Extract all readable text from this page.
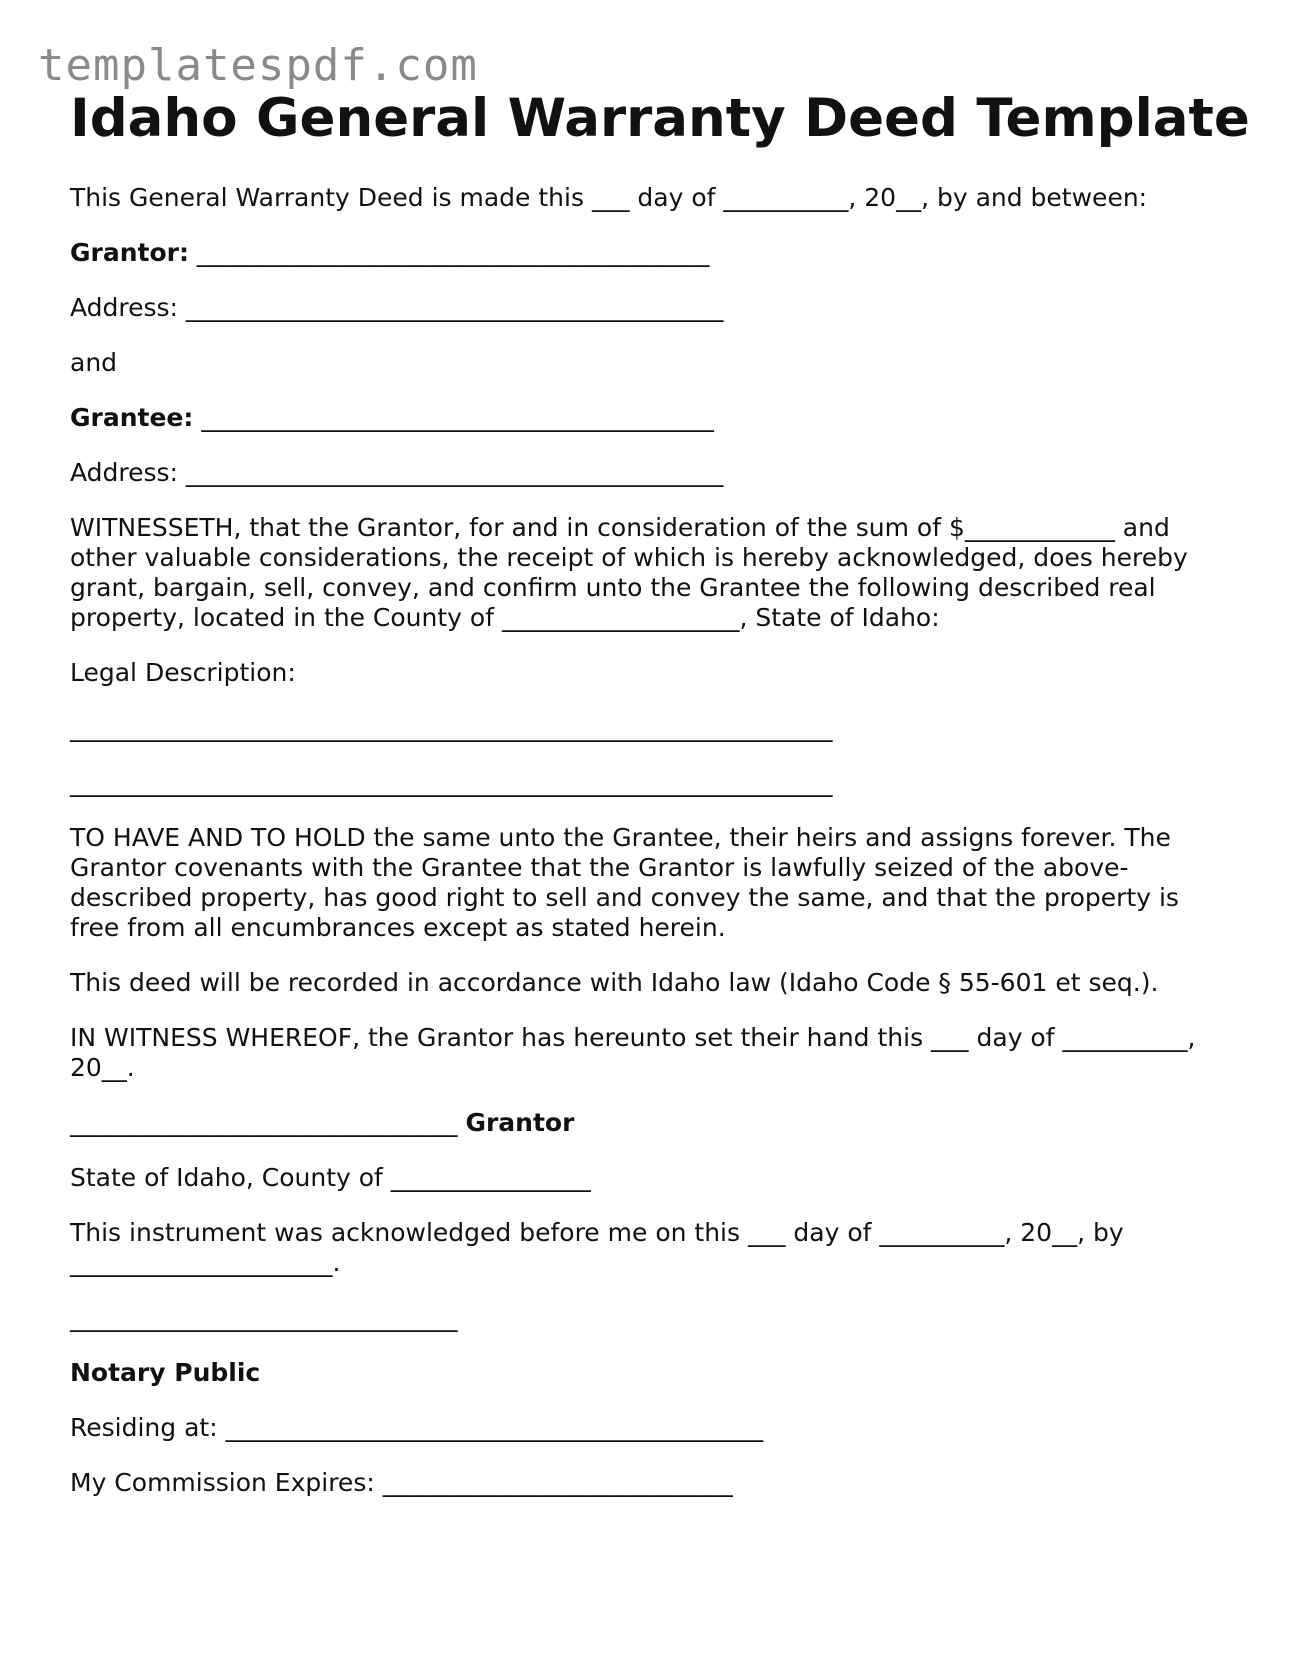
templatespdf.com
Idaho General Warranty Deed Template

This General Warranty Deed is made this ___ day of __________, 20__, by and between:

Grantor: _________________________________________

Address: ___________________________________________

and

Grantee: _________________________________________

Address: ___________________________________________

WITNESSETH, that the Grantor, for and in consideration of the sum of $____________ and other valuable considerations, the receipt of which is hereby acknowledged, does hereby grant, bargain, sell, convey, and confirm unto the Grantee the following described real property, located in the County of ___________________, State of Idaho:

Legal Description:

_____________________________________________________________

_____________________________________________________________

TO HAVE AND TO HOLD the same unto the Grantee, their heirs and assigns forever. The Grantor covenants with the Grantee that the Grantor is lawfully seized of the above-described property, has good right to sell and convey the same, and that the property is free from all encumbrances except as stated herein.

This deed will be recorded in accordance with Idaho law (Idaho Code § 55-601 et seq.).

IN WITNESS WHEREOF, the Grantor has hereunto set their hand this ___ day of __________, 20__.

_______________________________ Grantor

State of Idaho, County of ________________

This instrument was acknowledged before me on this ___ day of __________, 20__, by _____________________.

_______________________________

Notary Public

Residing at: ___________________________________________

My Commission Expires: ____________________________
